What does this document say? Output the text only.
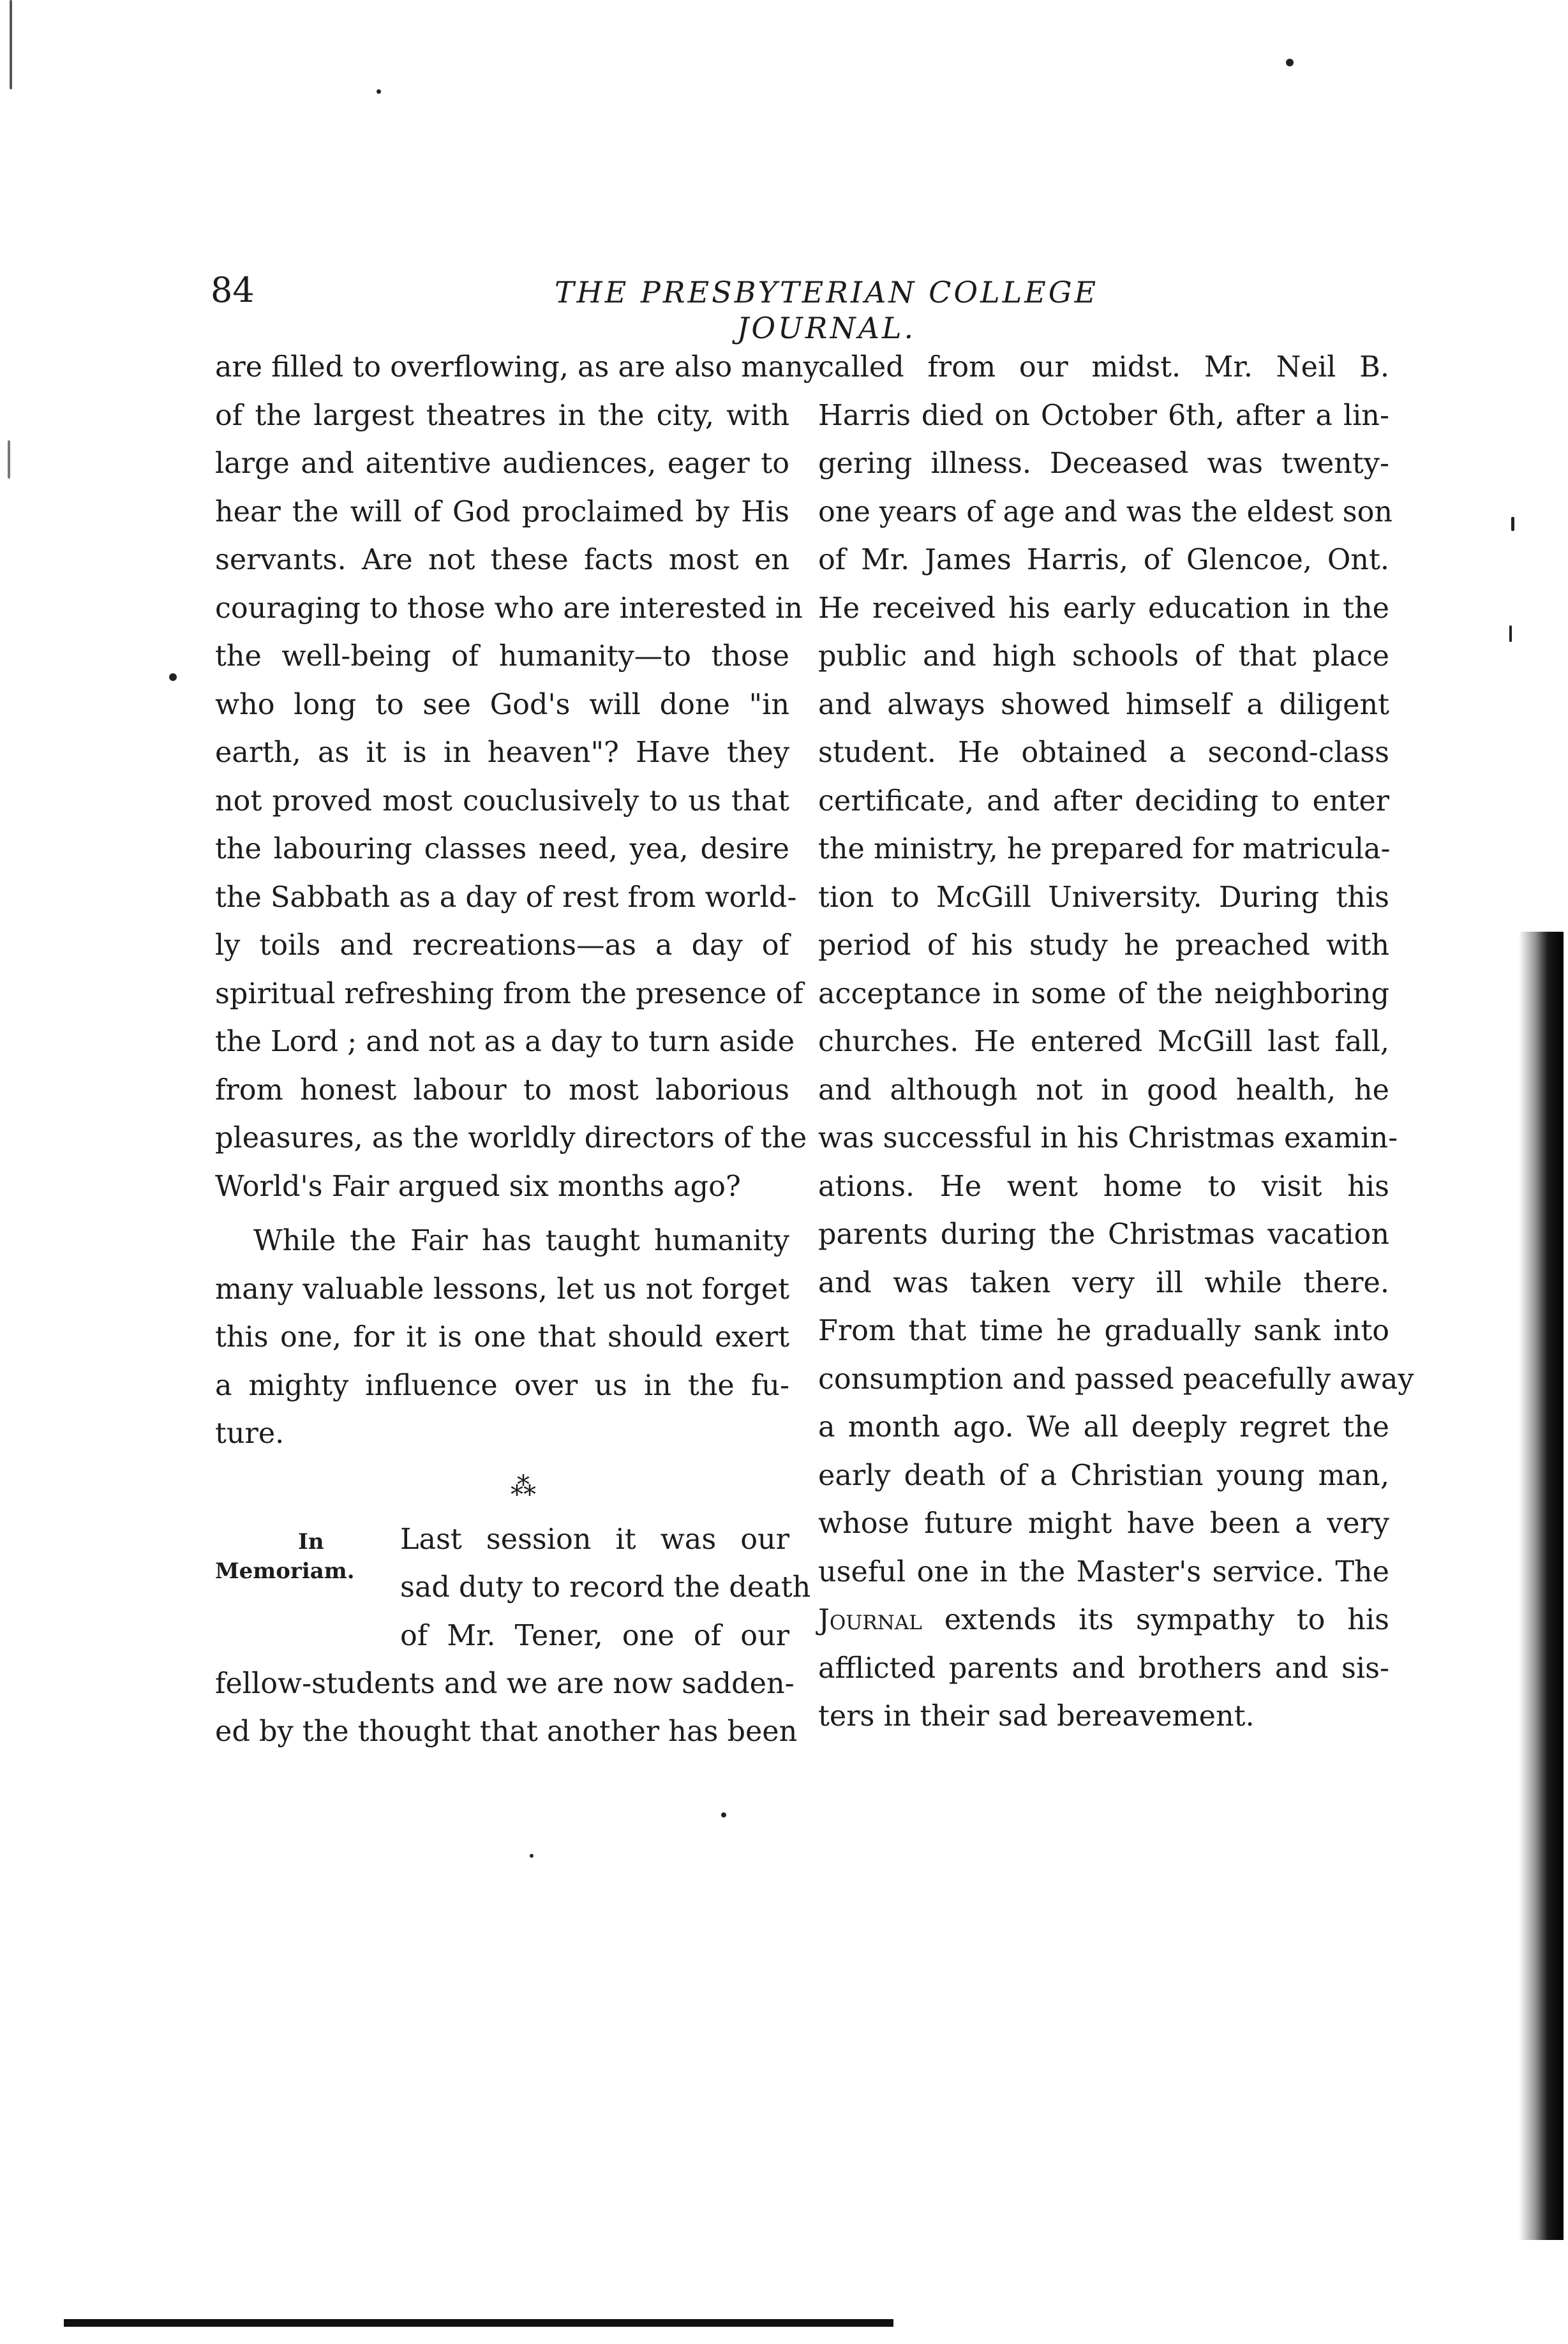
84	THE PRESBYTERIAN COLLEGE JOURNAL.
are filled to overflowing, as are also many
of the largest theatres in the city, with
large and aitentive audiences, eager to
hear the will of God proclaimed by His
servants. Are not these facts most en
couraging to those who are interested in
the well-being of humanity—to those
who long to see God's will done "in
earth, as it is in heaven"? Have they
not proved most couclusively to us that
the labouring classes need, yea, desire
the Sabbath as a day of rest from world-
ly toils and recreations—as a day of
spiritual refreshing from the presence of
the Lord ; and not as a day to turn aside
from honest labour to most laborious
pleasures, as the worldly directors of the
World's Fair argued six months ago?
While the Fair has taught humanity
many valuable lessons, let us not forget
this one, for it is one that should exert
a mighty influence over us in the fu-
ture.
⁂
In
Memoriam.
Last session it was our
sad duty to record the death
of Mr. Tener, one of our
fellow-students and we are now sadden-
ed by the thought that another has been
called from our midst. Mr. Neil B.
Harris died on October 6th, after a lin-
gering illness. Deceased was twenty-
one years of age and was the eldest son
of Mr. James Harris, of Glencoe, Ont.
He received his early education in the
public and high schools of that place
and always showed himself a diligent
student. He obtained a second-class
certificate, and after deciding to enter
the ministry, he prepared for matricula-
tion to McGill University. During this
period of his study he preached with
acceptance in some of the neighboring
churches. He entered McGill last fall,
and although not in good health, he
was successful in his Christmas examin-
ations. He went home to visit his
parents during the Christmas vacation
and was taken very ill while there.
From that time he gradually sank into
consumption and passed peacefully away
a month ago. We all deeply regret the
early death of a Christian young man,
whose future might have been a very
useful one in the Master's service. The
Journal extends its sympathy to his
afflicted parents and brothers and sis-
ters in their sad bereavement.
